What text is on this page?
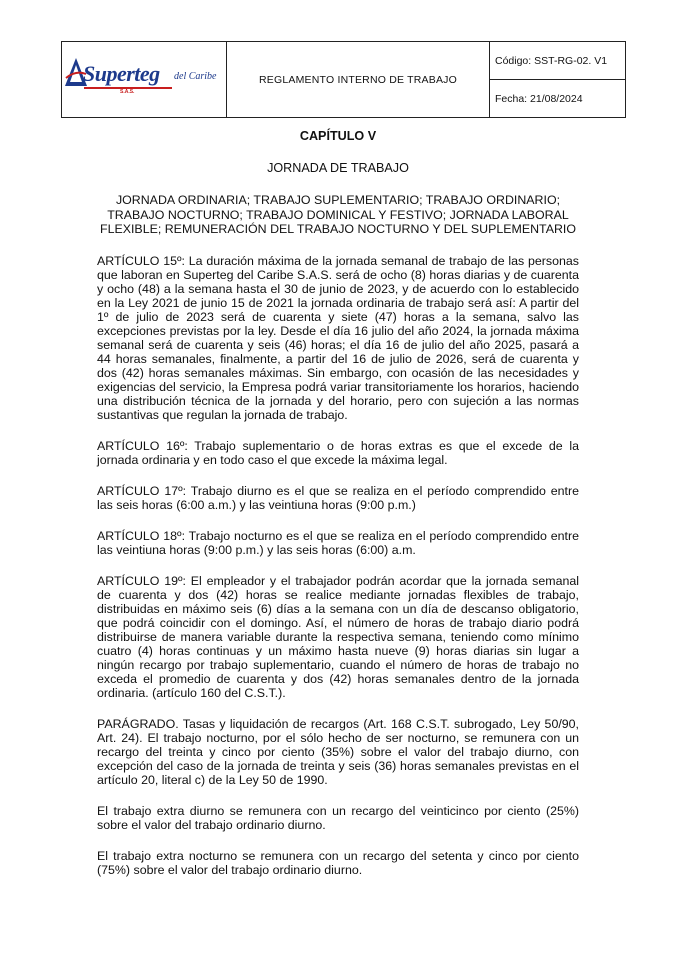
Superteg del Caribe
S.A.S.
	REGLAMENTO INTERNO DE TRABAJO	Código: SST-RG-02. V1
Fecha: 21/08/2024

CAPÍTULO V

JORNADA DE TRABAJO

JORNADA ORDINARIA; TRABAJO SUPLEMENTARIO; TRABAJO ORDINARIO; TRABAJO NOCTURNO; TRABAJO DOMINICAL Y FESTIVO; JORNADA LABORAL FLEXIBLE; REMUNERACIÓN DEL TRABAJO NOCTURNO Y DEL SUPLEMENTARIO

ARTÍCULO 15º: La duración máxima de la jornada semanal de trabajo de las personas que laboran en Superteg del Caribe S.A.S. será de ocho (8) horas diarias y de cuarenta y ocho (48) a la semana hasta el 30 de junio de 2023, y de acuerdo con lo establecido en la Ley 2021 de junio 15 de 2021 la jornada ordinaria de trabajo será así: A partir del 1º de julio de 2023 será de cuarenta y siete (47) horas a la semana, salvo las excepciones previstas por la ley. Desde el día 16 julio del año 2024, la jornada máxima semanal será de cuarenta y seis (46) horas; el día 16 de julio del año 2025, pasará a 44 horas semanales, finalmente, a partir del 16 de julio de 2026, será de cuarenta y dos (42) horas semanales máximas. Sin embargo, con ocasión de las necesidades y exigencias del servicio, la Empresa podrá variar transitoriamente los horarios, haciendo una distribución técnica de la jornada y del horario, pero con sujeción a las normas sustantivas que regulan la jornada de trabajo.

ARTÍCULO 16º: Trabajo suplementario o de horas extras es que el excede de la jornada ordinaria y en todo caso el que excede la máxima legal.

ARTÍCULO 17º: Trabajo diurno es el que se realiza en el período comprendido entre las seis horas (6:00 a.m.) y las veintiuna horas (9:00 p.m.)

ARTÍCULO 18º: Trabajo nocturno es el que se realiza en el período comprendido entre las veintiuna horas (9:00 p.m.) y las seis horas (6:00) a.m.

ARTÍCULO 19º: El empleador y el trabajador podrán acordar que la jornada semanal de cuarenta y dos (42) horas se realice mediante jornadas flexibles de trabajo, distribuidas en máximo seis (6) días a la semana con un día de descanso obligatorio, que podrá coincidir con el domingo. Así, el número de horas de trabajo diario podrá distribuirse de manera variable durante la respectiva semana, teniendo como mínimo cuatro (4) horas continuas y un máximo hasta nueve (9) horas diarias sin lugar a ningún recargo por trabajo suplementario, cuando el número de horas de trabajo no exceda el promedio de cuarenta y dos (42) horas semanales dentro de la jornada ordinaria. (artículo 160 del C.S.T.).

PARÁGRADO. Tasas y liquidación de recargos (Art. 168 C.S.T. subrogado, Ley 50/90, Art. 24). El trabajo nocturno, por el sólo hecho de ser nocturno, se remunera con un recargo del treinta y cinco por ciento (35%) sobre el valor del trabajo diurno, con excepción del caso de la jornada de treinta y seis (36) horas semanales previstas en el artículo 20, literal c) de la Ley 50 de 1990.

El trabajo extra diurno se remunera con un recargo del veinticinco por ciento (25%) sobre el valor del trabajo ordinario diurno.

El trabajo extra nocturno se remunera con un recargo del setenta y cinco por ciento (75%) sobre el valor del trabajo ordinario diurno.
